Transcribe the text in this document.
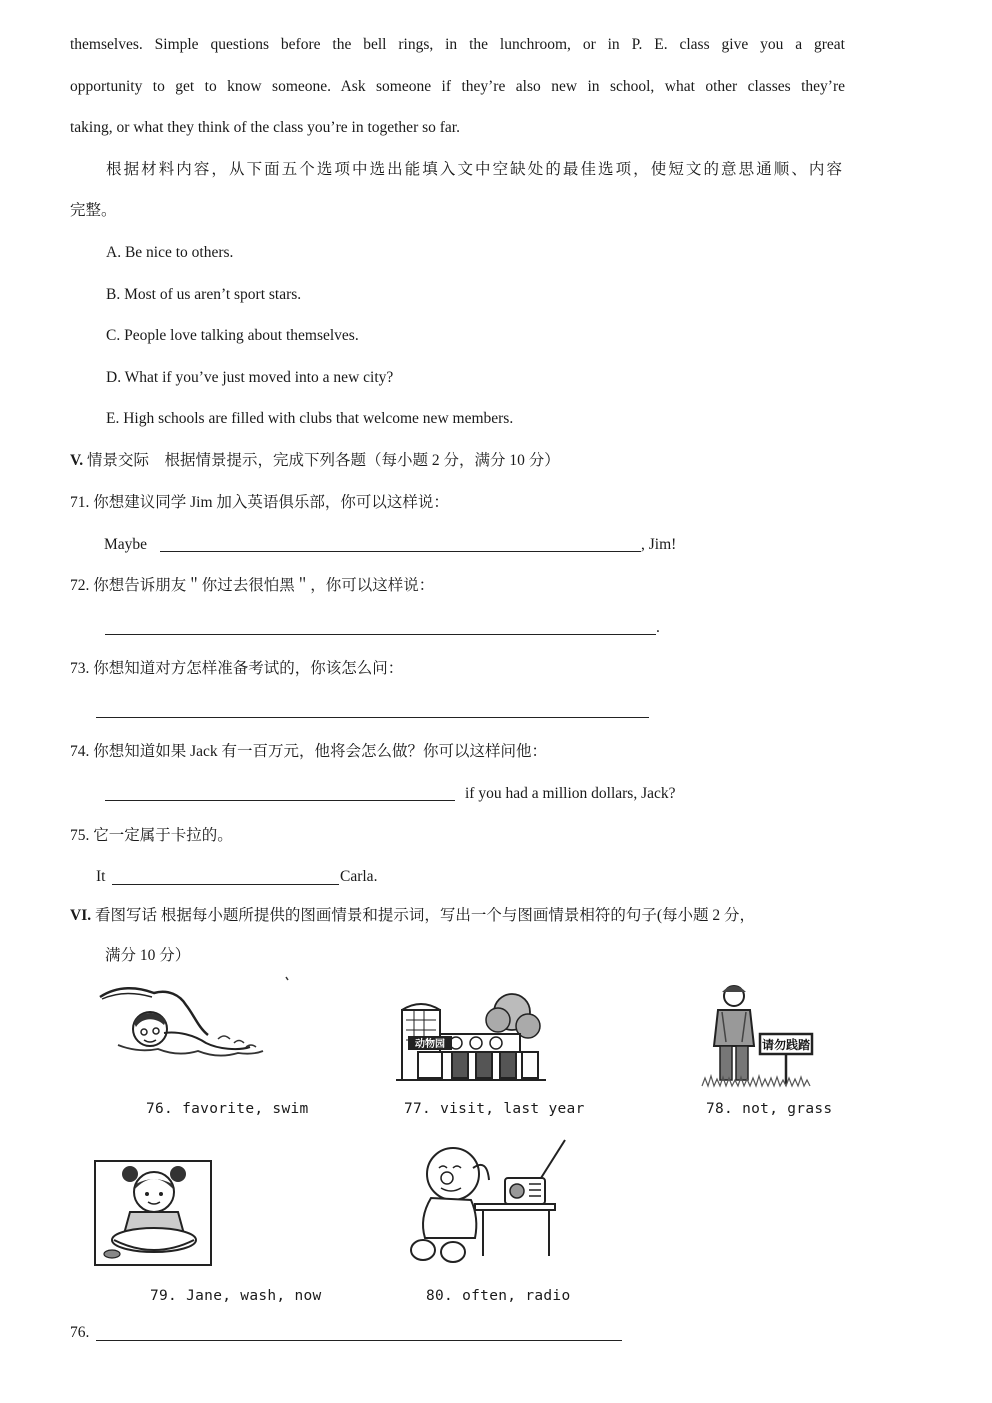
themselves. Simple questions before the bell rings, in the lunchroom, or in P. E. class give you a great
opportunity to get to know someone. Ask someone if they’re also new in school, what other classes they’re
taking, or what they think of the class you’re in together so far.
根据材料内容，从下面五个选项中选出能填入文中空缺处的最佳选项，使短文的意思通顺、内容
完整。
A. Be nice to others.
B. Most of us aren’t sport stars.
C. People love talking about themselves.
D. What if you’ve just moved into a new city?
E. High schools are filled with clubs that welcome new members.
V. 情景交际　根据情景提示，完成下列各题（每小题 2 分，满分 10 分）
71. 你想建议同学 Jim 加入英语俱乐部，你可以这样说：
Maybe	, Jim!
72. 你想告诉朋友＂你过去很怕黑＂，你可以这样说：
.
73. 你想知道对方怎样准备考试的，你该怎么问：
74. 你想知道如果 Jack 有一百万元，他将会怎么做？你可以这样问他：
if you had a million dollars, Jack?
75. 它一定属于卡拉的。
It	Carla.
VI. 看图写话 根据每小题所提供的图画情景和提示词，写出一个与图画情景相符的句子(每小题 2 分，
满分 10 分）
76. favorite, swim
动物园
77. visit, last year
请勿践踏
78. not, grass
79. Jane, wash, now	80. often, radio
76.
